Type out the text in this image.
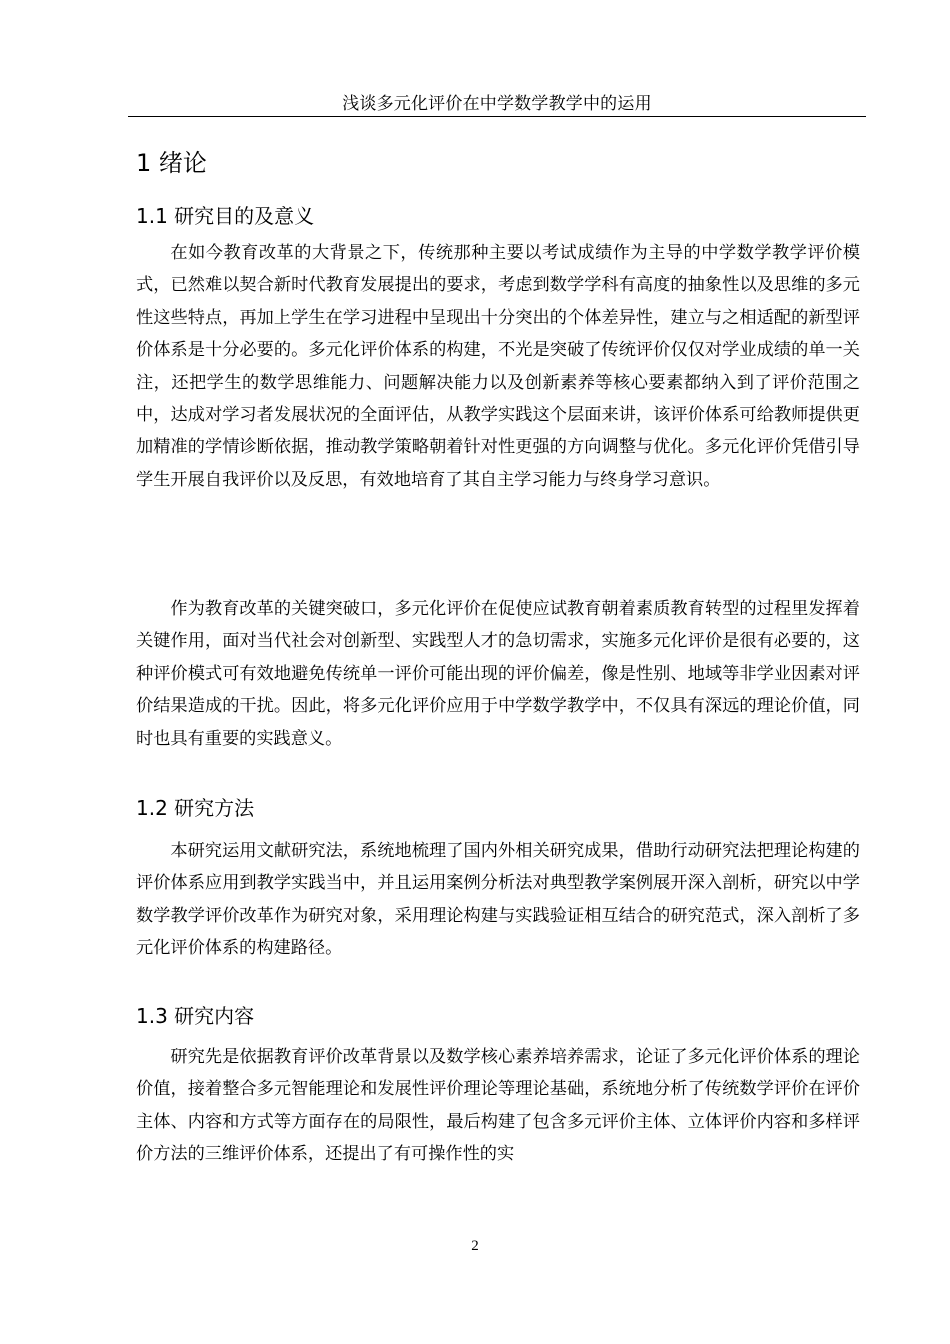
浅谈多元化评价在中学数学教学中的运用
1 绪论
1.1 研究目的及意义

在如今教育改革的大背景之下，传统那种主要以考试成绩作为主导的中学数学教学评价模式，已然难以契合新时代教育发展提出的要求，考虑到数学学科有高度的抽象性以及思维的多元性这些特点，再加上学生在学习进程中呈现出十分突出的个体差异性，建立与之相适配的新型评价体系是十分必要的。多元化评价体系的构建，不光是突破了传统评价仅仅对学业成绩的单一关注，还把学生的数学思维能力、问题解决能力以及创新素养等核心要素都纳入到了评价范围之中，达成对学习者发展状况的全面评估，从教学实践这个层面来讲，该评价体系可给教师提供更加精准的学情诊断依据，推动教学策略朝着针对性更强的方向调整与优化。多元化评价凭借引导学生开展自我评价以及反思，有效地培育了其自主学习能力与终身学习意识。

作为教育改革的关键突破口，多元化评价在促使应试教育朝着素质教育转型的过程里发挥着关键作用，面对当代社会对创新型、实践型人才的急切需求，实施多元化评价是很有必要的，这种评价模式可有效地避免传统单一评价可能出现的评价偏差，像是性别、地域等非学业因素对评价结果造成的干扰。因此，将多元化评价应用于中学数学教学中，不仅具有深远的理论价值，同时也具有重要的实践意义。

1.2 研究方法

本研究运用文献研究法，系统地梳理了国内外相关研究成果，借助行动研究法把理论构建的评价体系应用到教学实践当中，并且运用案例分析法对典型教学案例展开深入剖析，研究以中学数学教学评价改革作为研究对象，采用理论构建与实践验证相互结合的研究范式，深入剖析了多元化评价体系的构建路径。

1.3 研究内容

研究先是依据教育评价改革背景以及数学核心素养培养需求，论证了多元化评价体系的理论价值，接着整合多元智能理论和发展性评价理论等理论基础，系统地分析了传统数学评价在评价主体、内容和方式等方面存在的局限性，最后构建了包含多元评价主体、立体评价内容和多样评价方法的三维评价体系，还提出了有可操作性的实

2
